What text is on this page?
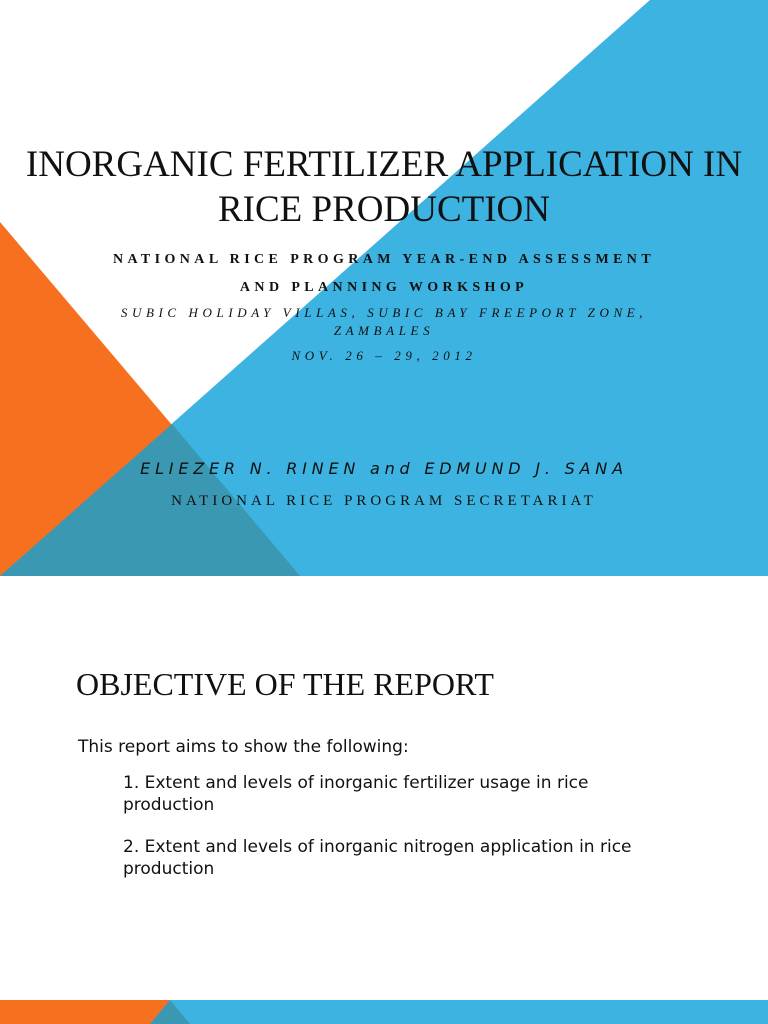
INORGANIC FERTILIZER APPLICATION IN
RICE PRODUCTION
NATIONAL RICE PROGRAM YEAR-END ASSESSMENT
AND PLANNING WORKSHOP
SUBIC HOLIDAY VILLAS, SUBIC BAY FREEPORT ZONE, ZAMBALES
NOV. 26 – 29, 2012
ELIEZER N. RINEN and EDMUND J. SANA
NATIONAL RICE PROGRAM SECRETARIAT
OBJECTIVE OF THE REPORT
This report aims to show the following:
1. Extent and levels of inorganic fertilizer usage in rice production
2. Extent and levels of inorganic nitrogen application in rice production
